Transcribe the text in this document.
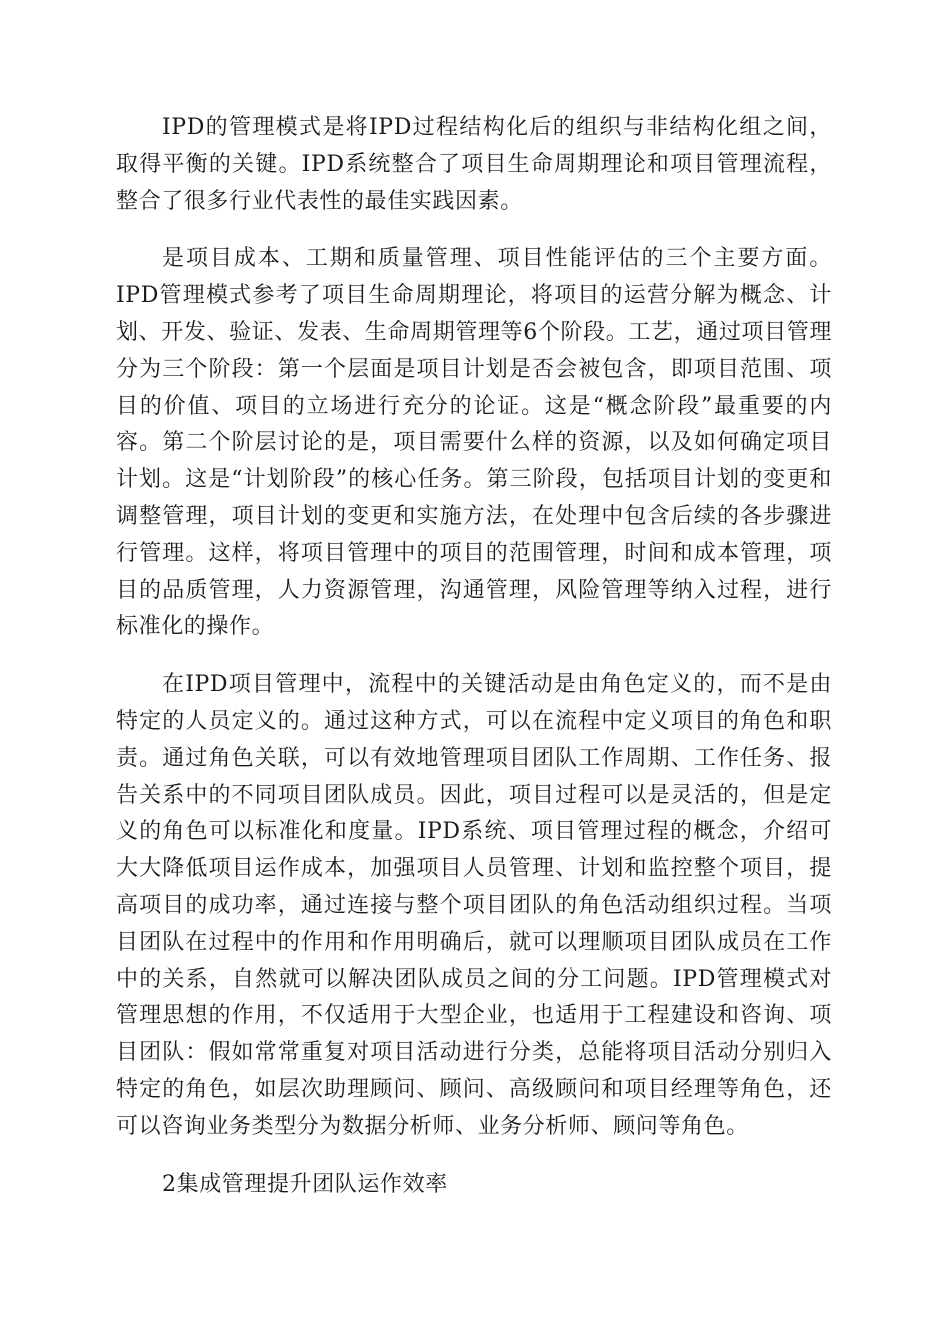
IPD的管理模式是将IPD过程结构化后的组织与非结构化组之间，取得平衡的关键。IPD系统整合了项目生命周期理论和项目管理流程，整合了很多行业代表性的最佳实践因素。

是项目成本、工期和质量管理、项目性能评估的三个主要方面。IPD管理模式参考了项目生命周期理论，将项目的运营分解为概念、计划、开发、验证、发表、生命周期管理等6个阶段。工艺，通过项目管理分为三个阶段：第一个层面是项目计划是否会被包含，即项目范围、项目的价值、项目的立场进行充分的论证。这是“概念阶段”最重要的内容。第二个阶层讨论的是，项目需要什么样的资源，以及如何确定项目计划。这是“计划阶段”的核心任务。第三阶段，包括项目计划的变更和调整管理，项目计划的变更和实施方法，在处理中包含后续的各步骤进行管理。这样，将项目管理中的项目的范围管理，时间和成本管理，项目的品质管理，人力资源管理，沟通管理，风险管理等纳入过程，进行标准化的操作。

在IPD项目管理中，流程中的关键活动是由角色定义的，而不是由特定的人员定义的。通过这种方式，可以在流程中定义项目的角色和职责。通过角色关联，可以有效地管理项目团队工作周期、工作任务、报告关系中的不同项目团队成员。因此，项目过程可以是灵活的，但是定义的角色可以标准化和度量。IPD系统、项目管理过程的概念，介绍可大大降低项目运作成本，加强项目人员管理、计划和监控整个项目，提高项目的成功率，通过连接与整个项目团队的角色活动组织过程。当项目团队在过程中的作用和作用明确后，就可以理顺项目团队成员在工作中的关系，自然就可以解决团队成员之间的分工问题。IPD管理模式对管理思想的作用，不仅适用于大型企业，也适用于工程建设和咨询、项目团队：假如常常重复对项目活动进行分类，总能将项目活动分别归入特定的角色，如层次助理顾问、顾问、高级顾问和项目经理等角色，还可以咨询业务类型分为数据分析师、业务分析师、顾问等角色。

2集成管理提升团队运作效率
